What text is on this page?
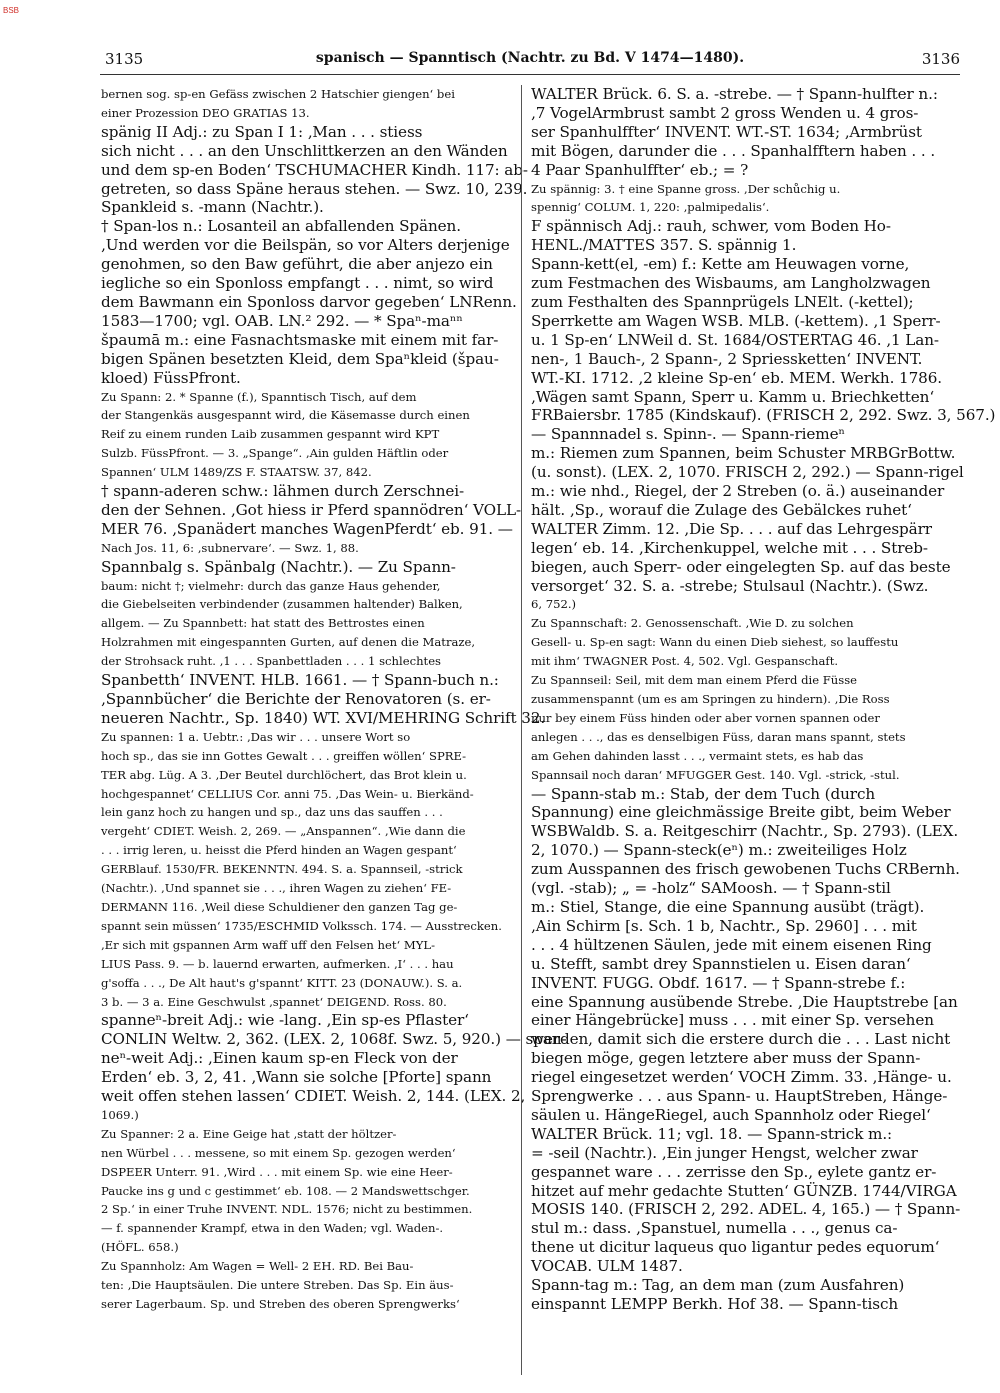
BSB
3135	spanisch — Spanntisch (Nachtr. zu Bd. V 1474—1480).	3136
bernen sog. sp-en Gefäss zwischen 2 Hatschier giengen‘ bei
einer Prozession DEO GRATIAS 13.
spänig II Adj.: zu Span I 1: ‚Man . . . stiess
sich nicht . . . an den Unschlittkerzen an den Wänden
und dem sp-en Boden‘ TSCHUMACHER Kindh. 117: ab-
getreten, so dass Späne heraus stehen. — Swz. 10, 239.
Spankleid s. -mann (Nachtr.).
† Span-los n.: Losanteil an abfallenden Spänen.
‚Und werden vor die Beilspän, so vor Alters derjenige
genohmen, so den Baw geführt, die aber anjezo ein
iegliche so ein Sponloss empfangt . . . nimt, so wird
dem Bawmann ein Sponloss darvor gegeben‘ LNRenn.
1583—1700; vgl. OAB. LN.² 292. — * Spaⁿ-maⁿⁿ
špaumā m.: eine Fasnachtsmaske mit einem mit far-
bigen Spänen besetzten Kleid, dem Spaⁿkleid (špau-
kloed) FüssPfront.
Zu Spann: 2. * Spanne (f.), Spanntisch Tisch, auf dem
der Stangenkäs ausgespannt wird, die Käsemasse durch einen
Reif zu einem runden Laib zusammen gespannt wird KPT
Sulzb. FüssPfront. — 3. „Spange“. ‚Ain gulden Häftlin oder
Spannen‘ ULM 1489/ZS F. STAATSW. 37, 842.
† spann-aderen schw.: lähmen durch Zerschnei-
den der Sehnen. ‚Got hiess ir Pferd spannödren‘ VOLL-
MER 76. ‚Spanädert manches WagenPferdt‘ eb. 91. —
Nach Jos. 11, 6: ‚subnervare‘. — Swz. 1, 88.
Spannbalg s. Spänbalg (Nachtr.). — Zu Spann-
baum: nicht †; vielmehr: durch das ganze Haus gehender,
die Giebelseiten verbindender (zusammen haltender) Balken,
allgem. — Zu Spannbett: hat statt des Bettrostes einen
Holzrahmen mit eingespannten Gurten, auf denen die Matraze,
der Strohsack ruht. ‚1 . . . Spanbettladen . . . 1 schlechtes
Spanbetth‘ INVENT. HLB. 1661. — † Spann-buch n.:
‚Spannbücher‘ die Berichte der Renovatoren (s. er-
neueren Nachtr., Sp. 1840) WT. XVI/MEHRING Schrift 32.
Zu spannen: 1 a. Uebtr.: ‚Das wir . . . unsere Wort so
hoch sp., das sie inn Gottes Gewalt . . . greiffen wöllen‘ SPRE-
TER abg. Lüg. A 3. ‚Der Beutel durchlöchert, das Brot klein u.
hochgespannet‘ CELLIUS Cor. anni 75. ‚Das Wein- u. Bierkänd-
lein ganz hoch zu hangen und sp., daz uns das sauffen . . .
vergeht‘ CDIET. Weish. 2, 269. — „Anspannen“. ‚Wie dann die
. . . irrig leren, u. heisst die Pferd hinden an Wagen gespant‘
GERBlauf. 1530/FR. BEKENNTN. 494. S. a. Spannseil, -strick
(Nachtr.). ‚Und spannet sie . . ., ihren Wagen zu ziehen‘ FE-
DERMANN 116. ‚Weil diese Schuldiener den ganzen Tag ge-
spannt sein müssen‘ 1735/ESCHMID Volkssch. 174. — Ausstrecken.
‚Er sich mit gspannen Arm waff uff den Felsen het‘ MYL-
LIUS Pass. 9. — b. lauernd erwarten, aufmerken. ‚I‘ . . . hau
g'soffa . . ., De Alt haut's g'spannt‘ KITT. 23 (DONAUW.). S. a.
3 b. — 3 a. Eine Geschwulst ‚spannet‘ DEIGEND. Ross. 80.
spanneⁿ-breit Adj.: wie -lang. ‚Ein sp-es Pflaster‘
CONLIN Weltw. 2, 362. (LEX. 2, 1068f. Swz. 5, 920.) — span-
neⁿ-weit Adj.: ‚Einen kaum sp-en Fleck von der
Erden‘ eb. 3, 2, 41. ‚Wann sie solche [Pforte] spann
weit offen stehen lassen‘ CDIET. Weish. 2, 144. (LEX. 2,
1069.)
Zu Spanner: 2 a. Eine Geige hat ‚statt der höltzer-
nen Würbel . . . messene, so mit einem Sp. gezogen werden‘
DSPEER Unterr. 91. ‚Wird . . . mit einem Sp. wie eine Heer-
Paucke ins g und c gestimmet‘ eb. 108. — 2 Mandswettschger.
2 Sp.‘ in einer Truhe INVENT. NDL. 1576; nicht zu bestimmen.
— f. spannender Krampf, etwa in den Waden; vgl. Waden-.
(HÖFL. 658.)
Zu Spannholz: Am Wagen = Well- 2 EH. RD. Bei Bau-
ten: ‚Die Hauptsäulen. Die untere Streben. Das Sp. Ein äus-
serer Lagerbaum. Sp. und Streben des oberen Sprengwerks‘
WALTER Brück. 6. S. a. -strebe. — † Spann-hulfter n.:
‚7 VogelArmbrust sambt 2 gross Wenden u. 4 gros-
ser Spanhulffter‘ INVENT. WT.-ST. 1634; ‚Armbrüst
mit Bögen, darunder die . . . Spanhalfftern haben . . .
4 Paar Spanhulffter‘ eb.; = ?
Zu spännig: 3. † eine Spanne gross. ‚Der schůchig u.
spennig‘ COLUM. 1, 220: ‚palmipedalis‘.
F spännisch Adj.: rauh, schwer, vom Boden Ho-
HENL./MATTES 357. S. spännig 1.
Spann-kett(el, -em) f.: Kette am Heuwagen vorne,
zum Festmachen des Wisbaums, am Langholzwagen
zum Festhalten des Spannprügels LNElt. (-kettel);
Sperrkette am Wagen WSB. MLB. (-kettem). ‚1 Sperr-
u. 1 Sp-en‘ LNWeil d. St. 1684/OSTERTAG 46. ‚1 Lan-
nen-, 1 Bauch-, 2 Spann-, 2 Spriessketten‘ INVENT.
WT.-KI. 1712. ‚2 kleine Sp-en‘ eb. MEM. Werkh. 1786.
‚Wägen samt Spann, Sperr u. Kamm u. Briechketten‘
FRBaiersbr. 1785 (Kindskauf). (FRISCH 2, 292. Swz. 3, 567.)
— Spannnadel s. Spinn-. — Spann-riemeⁿ
m.: Riemen zum Spannen, beim Schuster MRBGrBottw.
(u. sonst). (LEX. 2, 1070. FRISCH 2, 292.) — Spann-rigel
m.: wie nhd., Riegel, der 2 Streben (o. ä.) auseinander
hält. ‚Sp., worauf die Zulage des Gebälckes ruhet‘
WALTER Zimm. 12. ‚Die Sp. . . . auf das Lehrgespärr
legen‘ eb. 14. ‚Kirchenkuppel, welche mit . . . Streb-
biegen, auch Sperr- oder eingelegten Sp. auf das beste
versorget‘ 32. S. a. -strebe; Stulsaul (Nachtr.). (Swz.
6, 752.)
Zu Spannschaft: 2. Genossenschaft. ‚Wie D. zu solchen
Gesell- u. Sp-en sagt: Wann du einen Dieb siehest, so lauffestu
mit ihm‘ TWAGNER Post. 4, 502. Vgl. Gespanschaft.
Zu Spannseil: Seil, mit dem man einem Pferd die Füsse
zusammenspannt (um es am Springen zu hindern). ‚Die Ross
nur bey einem Füss hinden oder aber vornen spannen oder
anlegen . . ., das es denselbigen Füss, daran mans spannt, stets
am Gehen dahinden lasst . . ., vermaint stets, es hab das
Spannsail noch daran‘ MFUGGER Gest. 140. Vgl. -strick, -stul.
— Spann-stab m.: Stab, der dem Tuch (durch
Spannung) eine gleichmässige Breite gibt, beim Weber
WSBWaldb. S. a. Reitgeschirr (Nachtr., Sp. 2793). (LEX.
2, 1070.) — Spann-steck(eⁿ) m.: zweiteiliges Holz
zum Ausspannen des frisch gewobenen Tuchs CRBernh.
(vgl. -stab); „ = -holz“ SAMoosh. — † Spann-stil
m.: Stiel, Stange, die eine Spannung ausübt (trägt).
‚Ain Schirm [s. Sch. 1 b, Nachtr., Sp. 2960] . . . mit
. . . 4 hültzenen Säulen, jede mit einem eisenen Ring
u. Stefft, sambt drey Spannstielen u. Eisen daran‘
INVENT. FUGG. Obdf. 1617. — † Spann-strebe f.:
eine Spannung ausübende Strebe. ‚Die Hauptstrebe [an
einer Hängebrücke] muss . . . mit einer Sp. versehen
werden, damit sich die erstere durch die . . . Last nicht
biegen möge, gegen letztere aber muss der Spann-
riegel eingesetzet werden‘ VOCH Zimm. 33. ‚Hänge- u.
Sprengwerke . . . aus Spann- u. HauptStreben, Hänge-
säulen u. HängeRiegel, auch Spannholz oder Riegel‘
WALTER Brück. 11; vgl. 18. — Spann-strick m.:
= -seil (Nachtr.). ‚Ein junger Hengst, welcher zwar
gespannet ware . . . zerrisse den Sp., eylete gantz er-
hitzet auf mehr gedachte Stutten‘ GÜNZB. 1744/VIRGA
MOSIS 140. (FRISCH 2, 292. ADEL. 4, 165.) — † Spann-
stul m.: dass. ‚Spanstuel, numella . . ., genus ca-
thene ut dicitur laqueus quo ligantur pedes equorum‘
VOCAB. ULM 1487.
Spann-tag m.: Tag, an dem man (zum Ausfahren)
einspannt LEMPP Berkh. Hof 38. — Spann-tisch
